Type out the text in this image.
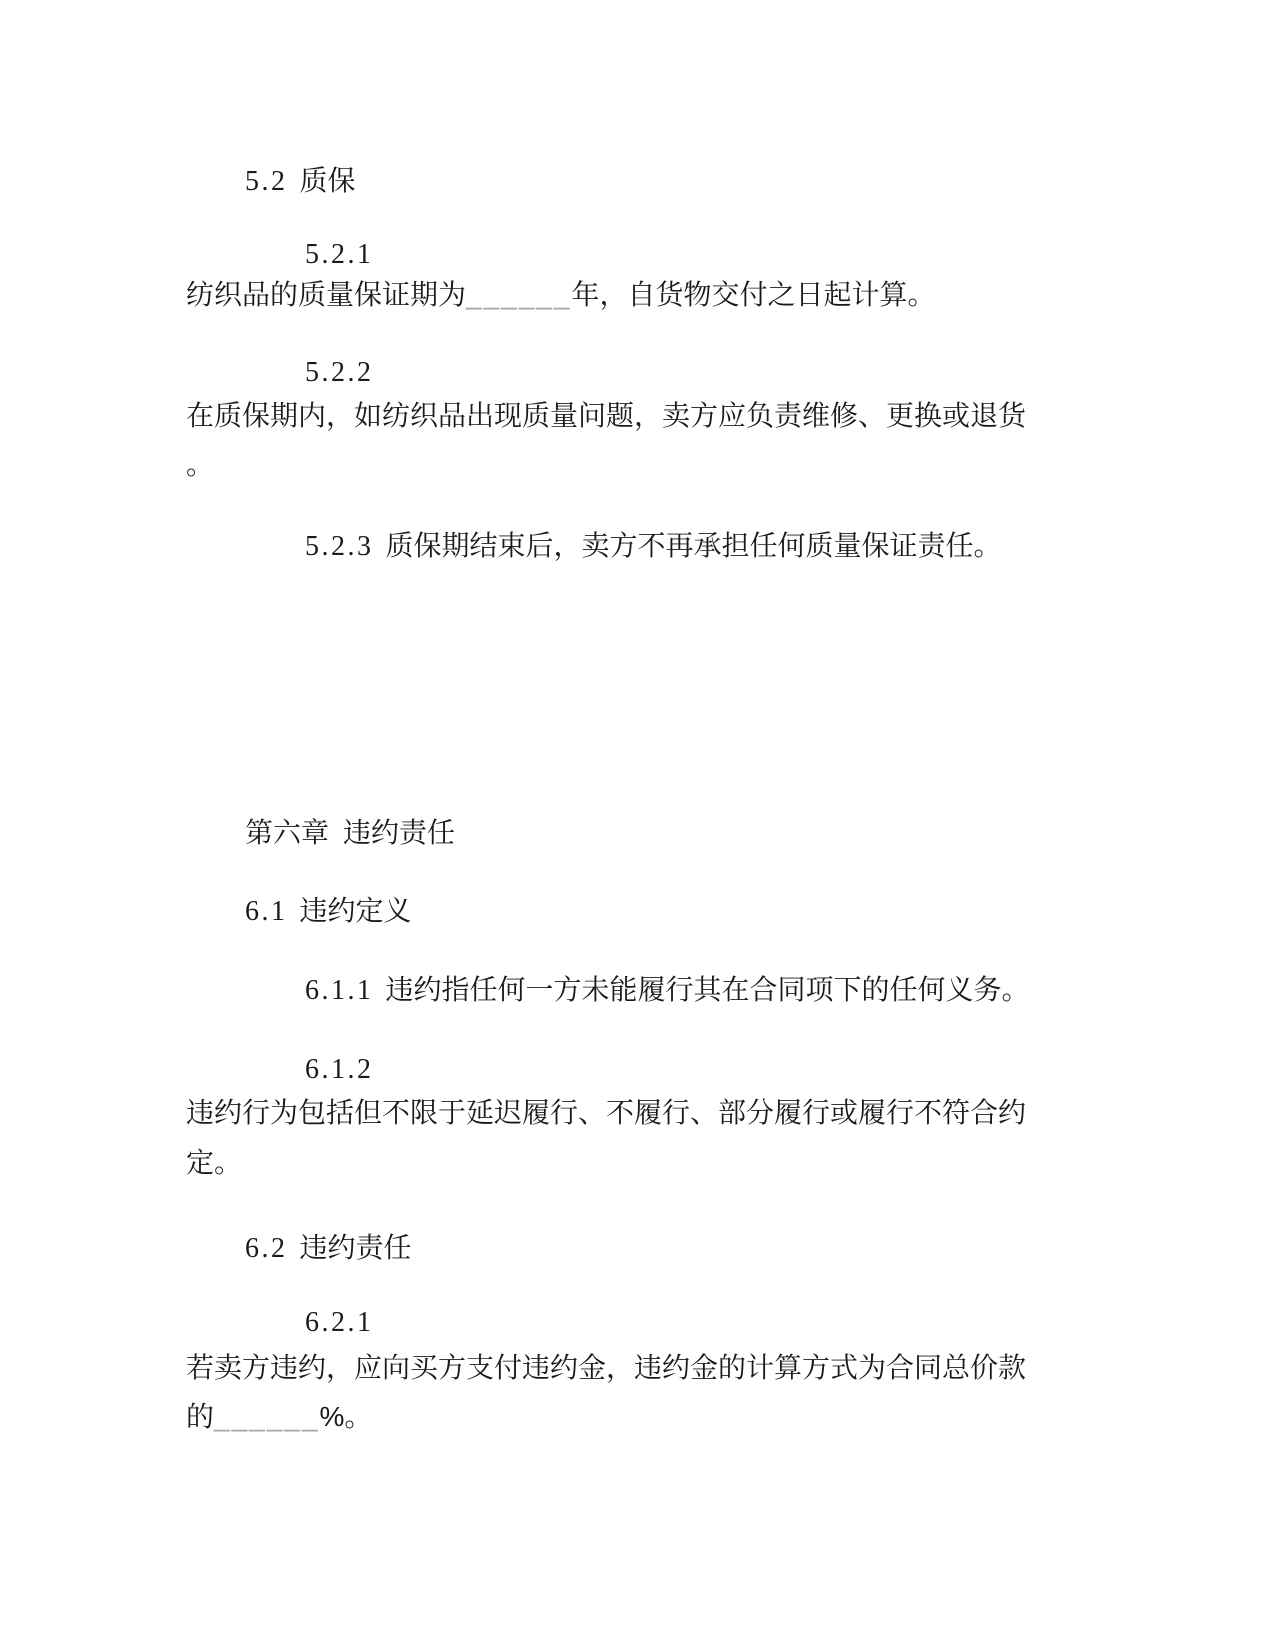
5.2 质保
5.2.1
纺织品的质量保证期为______年，自货物交付之日起计算。
5.2.2
在质保期内，如纺织品出现质量问题，卖方应负责维修、更换或退货
。
5.2.3 质保期结束后，卖方不再承担任何质量保证责任。
第六章 违约责任
6.1 违约定义
6.1.1 违约指任何一方未能履行其在合同项下的任何义务。
6.1.2
违约行为包括但不限于延迟履行、不履行、部分履行或履行不符合约
定。
6.2 违约责任
6.2.1
若卖方违约，应向买方支付违约金，违约金的计算方式为合同总价款
的______%。
